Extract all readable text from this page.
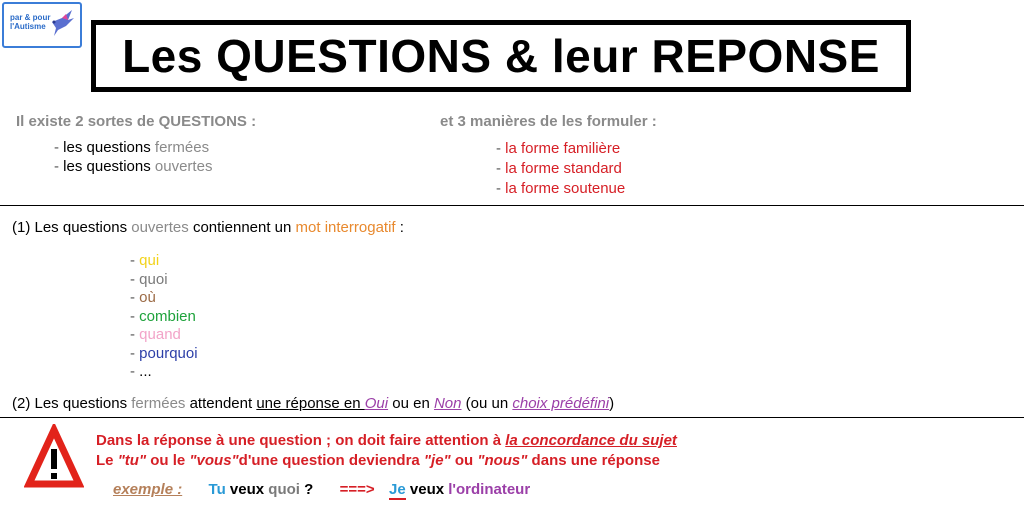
par & pour
l'Autisme
Les QUESTIONS & leur REPONSE
Il existe 2 sortes de QUESTIONS :	et 3 manières de les formuler :
- les questions fermées
- les questions ouvertes
- la forme familière
- la forme standard
- la forme soutenue
(1) Les questions ouvertes contiennent un mot interrogatif :
- qui
- quoi
- où
- combien
- quand
- pourquoi
- ...
(2) Les questions fermées attendent une réponse en Oui ou en Non (ou un choix prédéfini)
Dans la réponse à une question ; on doit faire attention à la concordance du sujet
Le "tu" ou le "vous"d'une question deviendra "je" ou "nous" dans une réponse
exemple : Tu veux quoi ? ===> Je veux l'ordinateur
